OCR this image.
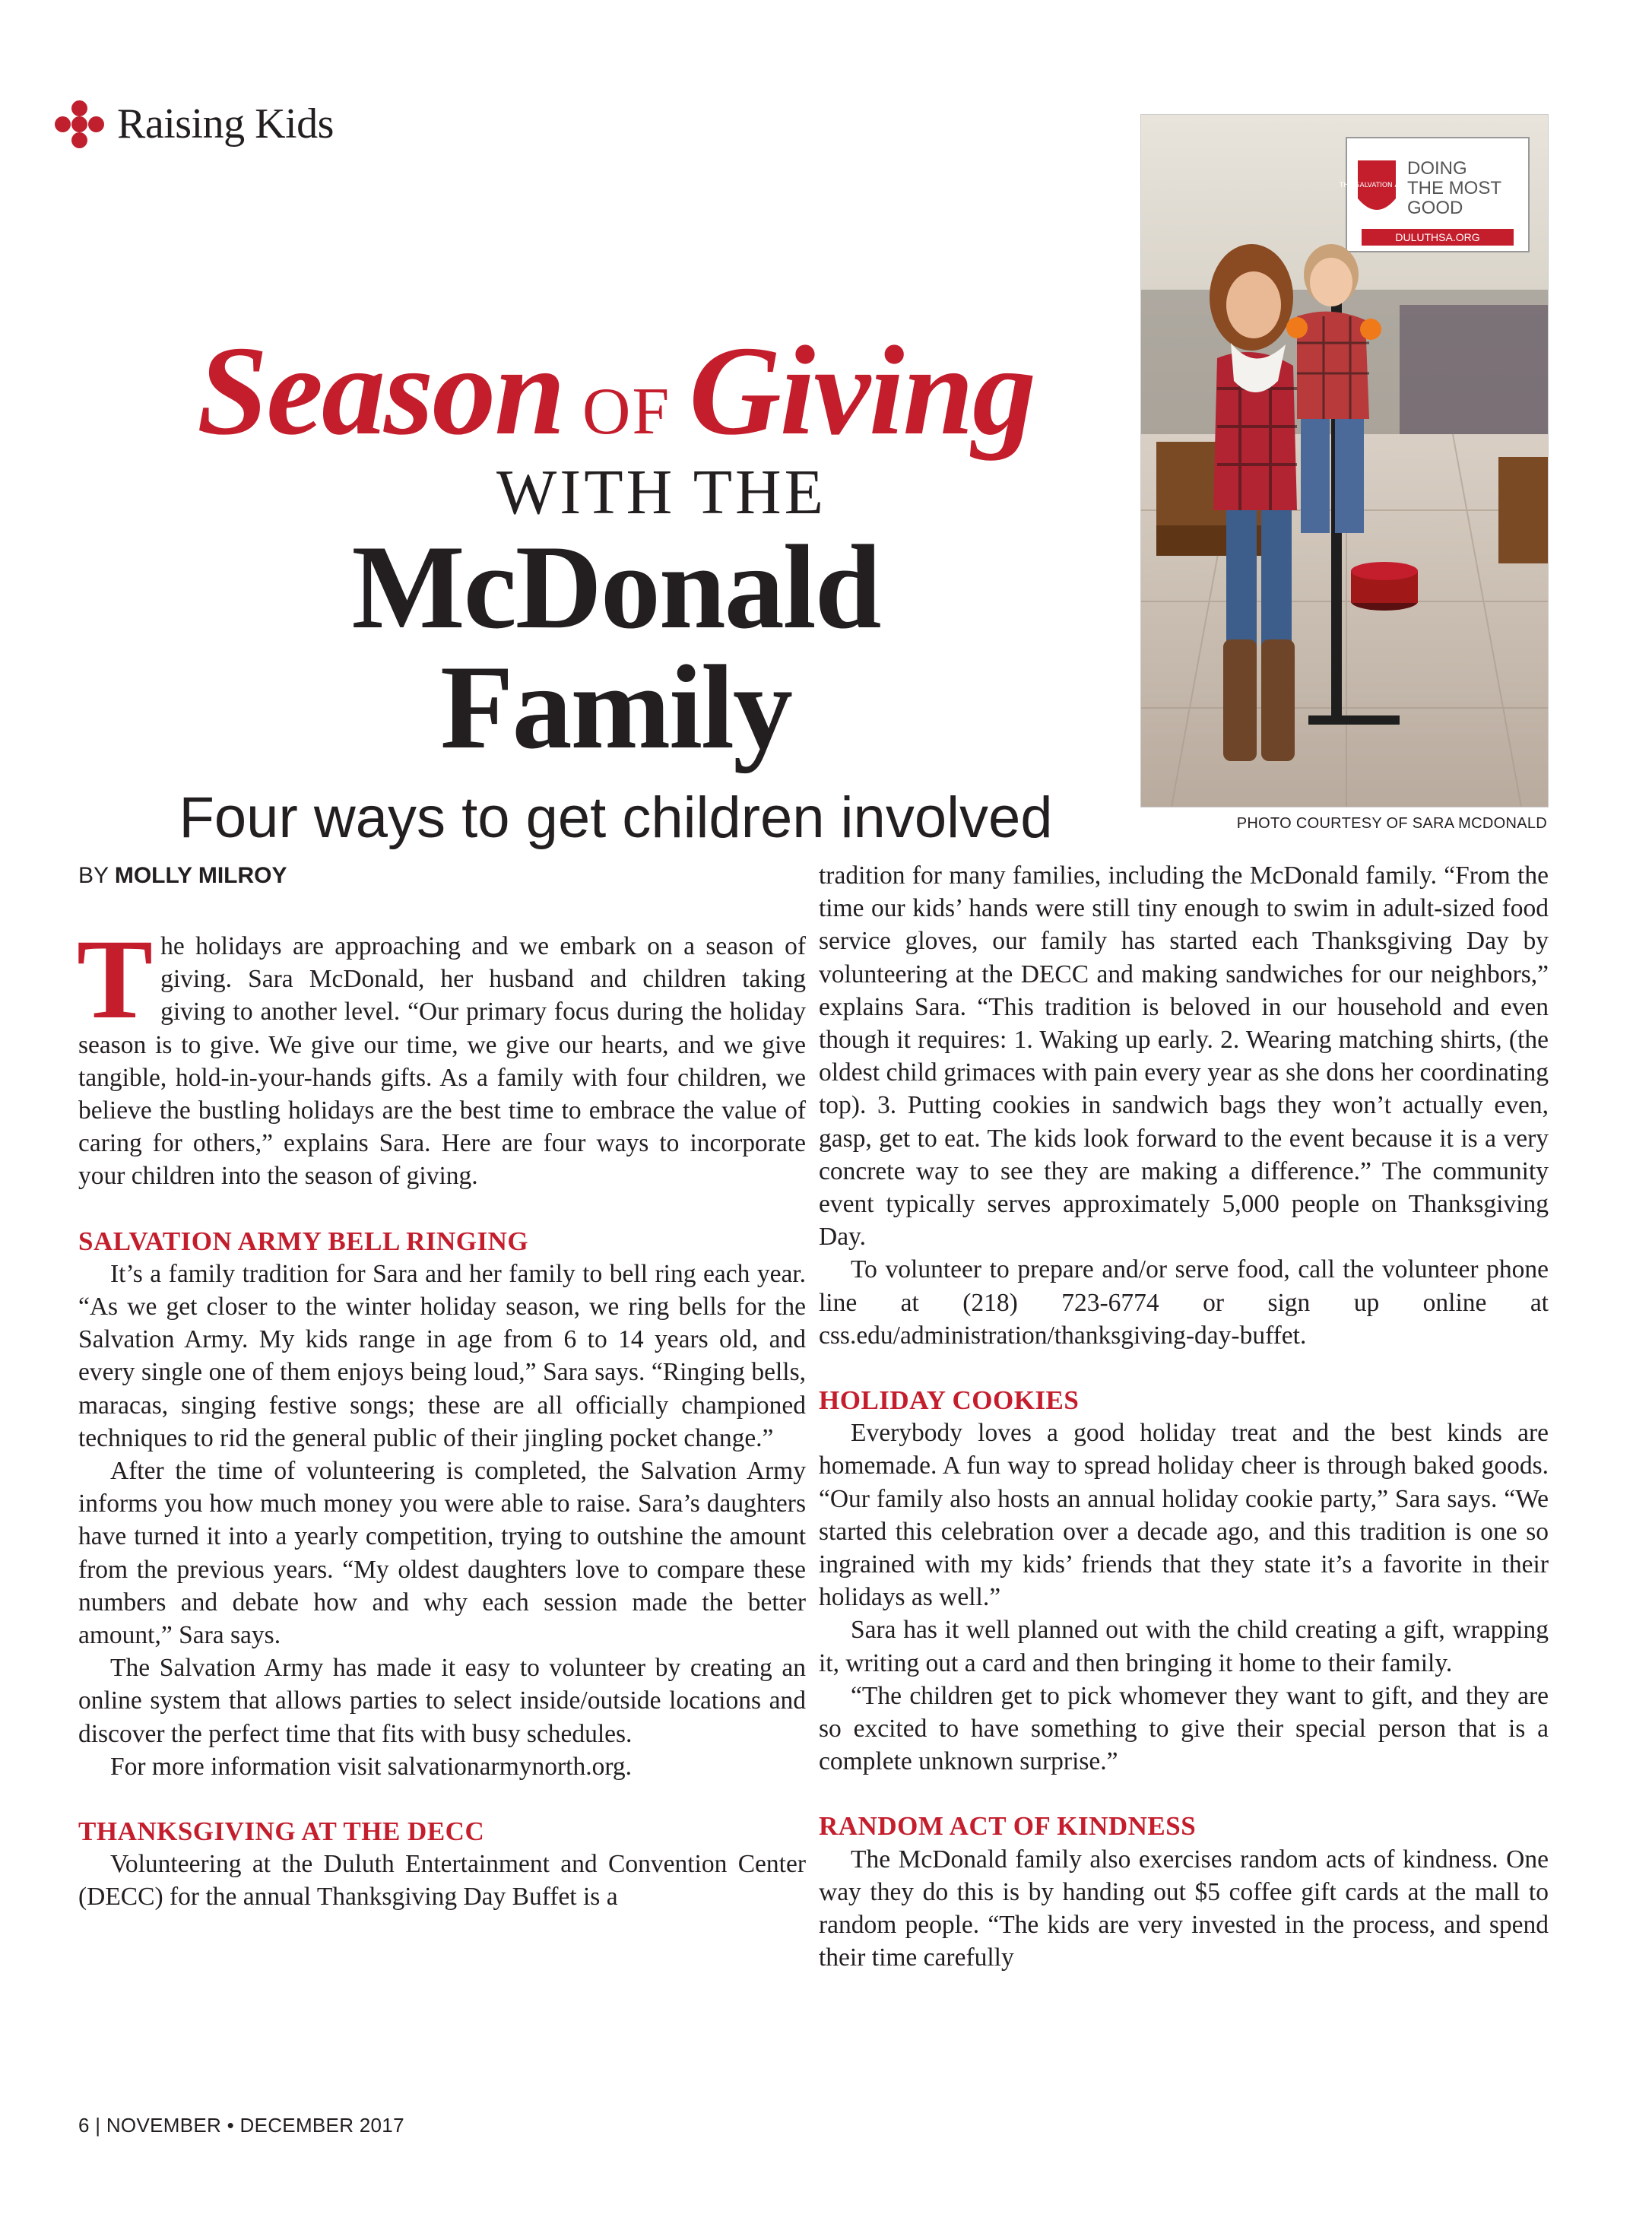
Raising Kids
Season OF Giving
WITH THE
McDonald Family
Four ways to get children involved
THE SALVATION ARMY
DOING
THE MOST
GOOD
DULUTHSA.ORG
PHOTO COURTESY OF SARA MCDONALD
BY MOLLY MILROY

The holidays are approaching and we embark on a season of giving. Sara McDonald, her husband and children taking giving to another level. “Our primary focus during the holiday season is to give. We give our time, we give our hearts, and we give tangible, hold-in-your-hands gifts. As a family with four children, we believe the bustling holidays are the best time to embrace the value of caring for others,” explains Sara. Here are four ways to incorporate your children into the season of giving.

SALVATION ARMY BELL RINGING

It’s a family tradition for Sara and her family to bell ring each year. “As we get closer to the winter holiday season, we ring bells for the Salvation Army. My kids range in age from 6 to 14 years old, and every single one of them enjoys being loud,” Sara says. “Ringing bells, maracas, singing festive songs; these are all officially championed techniques to rid the general public of their jingling pocket change.”

After the time of volunteering is completed, the Salvation Army informs you how much money you were able to raise. Sara’s daughters have turned it into a yearly competition, trying to outshine the amount from the previous years. “My oldest daughters love to compare these numbers and debate how and why each session made the better amount,” Sara says.

The Salvation Army has made it easy to volunteer by creating an online system that allows parties to select inside/outside locations and discover the perfect time that fits with busy schedules.

For more information visit salvationarmynorth.org.

THANKSGIVING AT THE DECC

Volunteering at the Duluth Entertainment and Convention Center (DECC) for the annual Thanksgiving Day Buffet is a

tradition for many families, including the McDonald family. “From the time our kids’ hands were still tiny enough to swim in adult-sized food service gloves, our family has started each Thanksgiving Day by volunteering at the DECC and making sandwiches for our neighbors,” explains Sara. “This tradition is beloved in our household and even though it requires: 1. Waking up early. 2. Wearing matching shirts, (the oldest child grimaces with pain every year as she dons her coordinating top). 3. Putting cookies in sandwich bags they won’t actually even, gasp, get to eat. The kids look forward to the event because it is a very concrete way to see they are making a difference.” The community event typically serves approximately 5,000 people on Thanksgiving Day.

To volunteer to prepare and/or serve food, call the volunteer phone line at (218) 723-6774 or sign up online at css.edu/administration/thanksgiving-day-buffet.

HOLIDAY COOKIES

Everybody loves a good holiday treat and the best kinds are homemade. A fun way to spread holiday cheer is through baked goods. “Our family also hosts an annual holiday cookie party,” Sara says. “We started this celebration over a decade ago, and this tradition is one so ingrained with my kids’ friends that they state it’s a favorite in their holidays as well.”

Sara has it well planned out with the child creating a gift, wrapping it, writing out a card and then bringing it home to their family.

“The children get to pick whomever they want to gift, and they are so excited to have something to give their special person that is a complete unknown surprise.”

RANDOM ACT OF KINDNESS

The McDonald family also exercises random acts of kindness. One way they do this is by handing out $5 coffee gift cards at the mall to random people. “The kids are very invested in the process, and spend their time carefully

6 | NOVEMBER • DECEMBER 2017
